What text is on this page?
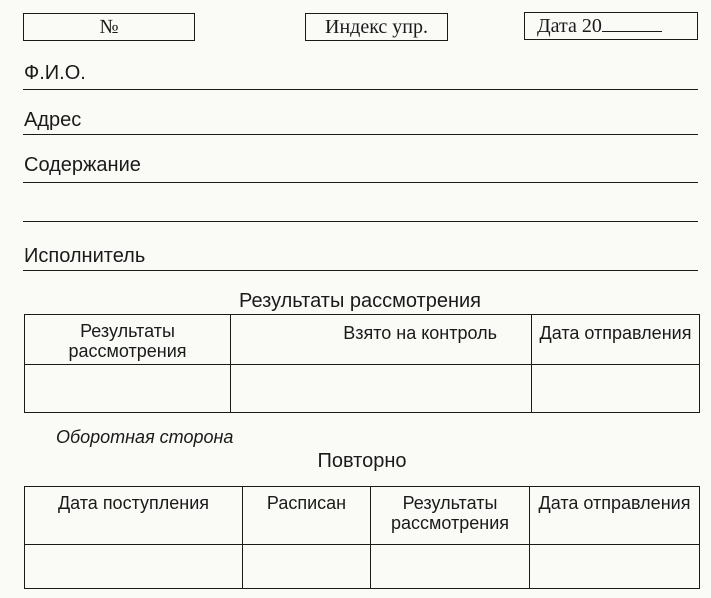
№	Индекс упр.	Дата 20
Ф.И.О.
Адрес
Содержание
Исполнитель
Результаты рассмотрения
Результаты рассмотрения	Взято на контроль	Дата отправления

Оборотная сторона
Повторно
Дата поступления	Расписан	Результаты рассмотрения	Дата отправления
